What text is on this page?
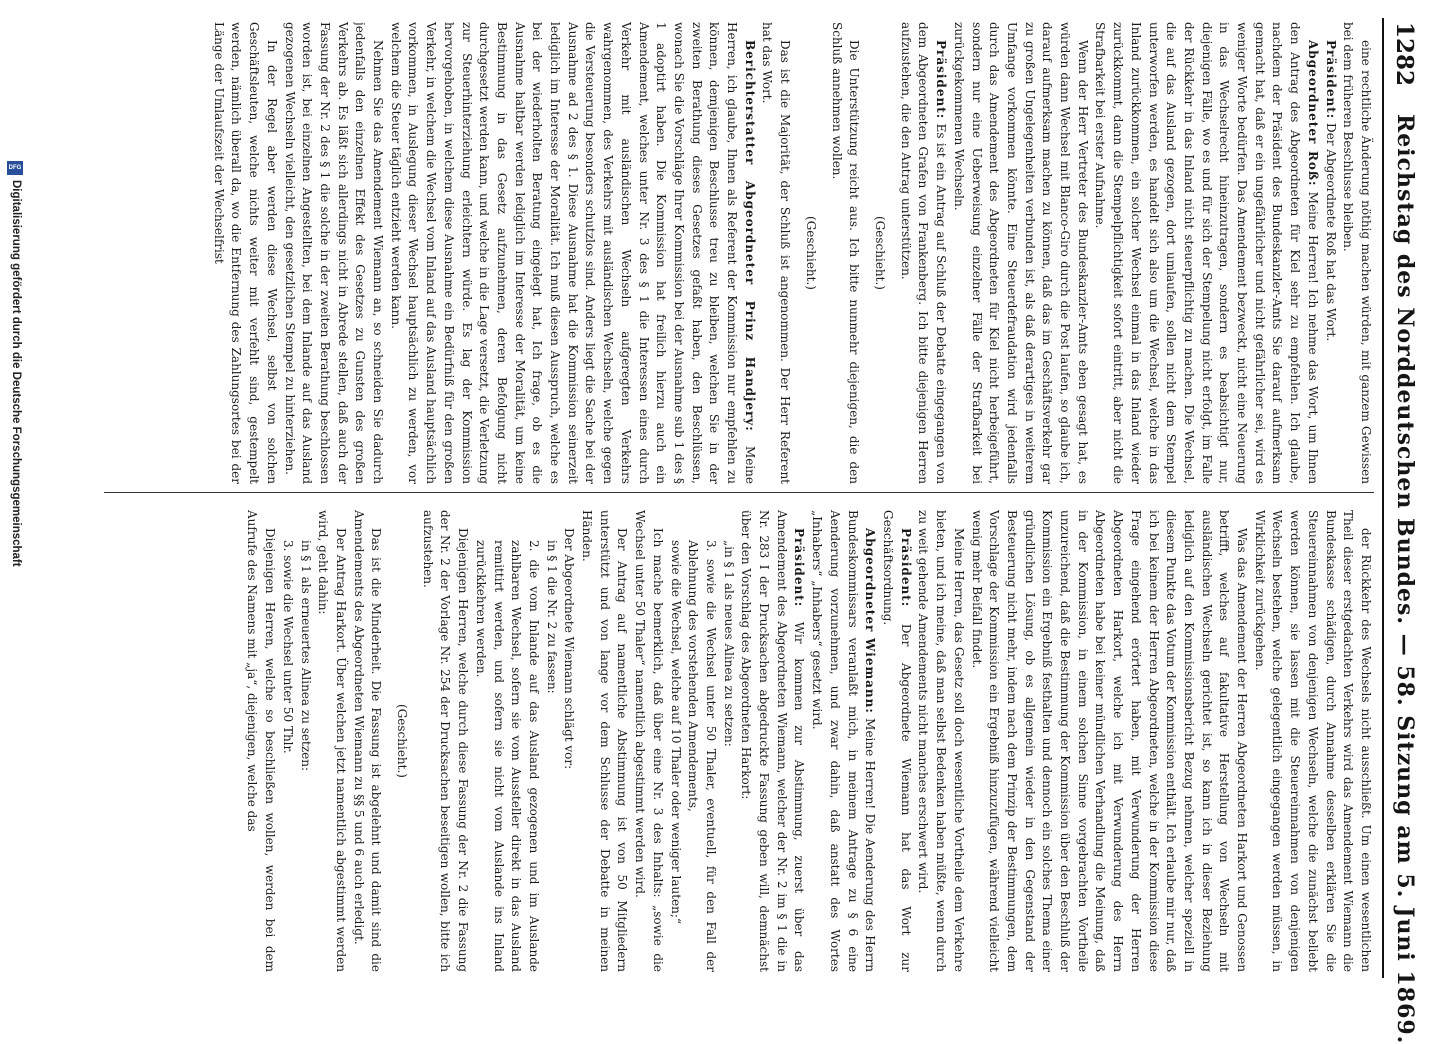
1282
Reichstag des Norddeutschen Bundes. — 58. Sitzung am 5. Juni 1869.

eine rechtliche Änderung nöthig machen würden, mit ganzem Gewissen bei dem früheren Beschlusse bleiben.

Präsident: Der Abgeordnete Roß hat das Wort.

Abgeordneter Roß: Meine Herren! Ich nehme das Wort, um Ihnen den Antrag des Abgeordneten für Kiel sehr zu empfehlen. Ich glaube, nachdem der Präsident des Bundeskanzler-Amts Sie darauf aufmerksam gemacht hat, daß er ein ungefährlicher und nicht gefährlicher sei, wird es weniger Worte bedürfen. Das Amendement bezweckt, nicht eine Neuerung in das Wechselrecht hineinzutragen, sondern es beabsichtigt nur, diejenigen Fälle, wo es und für sich der Stempelung nicht erfolgt, im Falle der Rückkehr in das Inland nicht steuerpflichtig zu machen. Die Wechsel, die auf das Ausland gezogen, dort umlaufen, sollen nicht dem Stempel unterworfen werden, es handelt sich also um die Wechsel, welche in das Inland zurückkommen, ein solcher Wechsel einmal in das Inland wieder zurückkommt, dann die Stempelpflichtigkeit sofort eintritt, aber nicht die Strafbarkeit bei erster Aufnahme.

Wenn der Herr Vertreter des Bundeskanzler-Amts eben gesagt hat, es würden dann Wechsel mit Blanco-Giro durch die Post laufen, so glaube ich, darauf aufmerksam machen zu können, daß das im Geschäftsverkehr gar zu großen Ungelegenheiten verbunden ist, als daß derartiges in weiterem Umfange vorkommen könnte. Eine Steuerdefraudation wird jedenfalls durch das Amendement des Abgeordneten für Kiel nicht herbeigeführt, sondern nur eine Ueberweisung einzelner Fälle der Strafbarkeit bei zurückgekommenen Wechseln.

Präsident: Es ist ein Antrag auf Schluß der Debatte eingegangen von dem Abgeordneten Grafen von Frankenberg. Ich bitte diejenigen Herren aufzustehen, die den Antrag unterstützen.

(Geschieht.)

Die Unterstützung reicht aus. Ich bitte nunmehr diejenigen, die den Schluß annehmen wollen.

(Geschieht.)

Das ist die Majorität, der Schluß ist angenommen. Der Herr Referent hat das Wort.

Berichterstatter Abgeordneter Prinz Handjery: Meine Herren, ich glaube, Ihnen als Referent der Kommission nur empfehlen zu können, demjenigen Beschlusse treu zu bleiben, welchen Sie in der zweiten Berathung dieses Gesetzes gefaßt haben, den Beschlüssen, wonach Sie die Vorschläge Ihrer Kommission bei der Ausnahme sub 1 des § 1 adoptirt haben. Die Kommission hat freilich hierzu auch ein Amendement, welches unter Nr. 3 des § 1 die Interessen eines durch Verkehr mit ausländischen Wechseln aufgeregten Verkehrs wahrgenommen, des Verkehrs mit ausländischen Wechseln, welche gegen die Versteuerung besonders schutzlos sind. Anders liegt die Sache bei der Ausnahme ad 2 des § 1. Diese Ausnahme hat die Kommission seinerzeit lediglich im Interesse der Moralität. Ich muß diesen Ausspruch, welche es bei der wiederholten Beratung eingelegt hat, Ich frage, ob es die Ausnahme haltbar werden lediglich im Interesse der Moralität, um keine Bestimmung in das Gesetz aufzunehmen, deren Befolgung nicht durchgesetzt werden kann, und welche in die Lage versetzt, die Verletzung zur Steuerhinterziehung erleichtern würde. Es lag der Kommission hervorgehoben, in welchem diese Ausnahme ein Bedürfniß für den großen Verkehr, in welchem die Wechsel vom Inland auf das Ausland hauptsächlich vorkommen, in Auslegung dieser Wechsel hauptsächlich zu werden, vor welchem die Steuer täglich entzieht werden kann.

Nehmen Sie das Amendement Wiemann an, so schneiden Sie dadurch jedenfalls den einzelnen Effekt des Gesetzes zu Gunsten des großen Verkehrs ab. Es läßt sich allerdings nicht in Abrede stellen, daß auch der Fassung der Nr. 2 des § 1 die solche in der zweiten Berathung beschlossen worden ist, bei einzelnen Angestellten, bei dem Inlande auf das Ausland gezogenen Wechseln vielleicht, den gesetzlichen Stempel zu hinterziehen.

In der Regel aber werden diese Wechsel, selbst von solchen Geschäftsleuten, welche nichts weiter mit verfehlt sind, gestempelt werden, nämlich überall da, wo die Entfernung des Zahlungsortes bei der Länge der Umlaufszeit der Wechselfrist

der Rückkehr des Wechsels nicht ausschließt. Um einen wesentlichen Theil dieser erstgedachten Verkehrs wird das Amendement Wiemann die Bundeskasse schädigen, durch Annahme desselben erklären Sie die Steuereinnahmen von denjenigen Wechseln, welche die zunächst beliebt werden können, sie lassen mit die Steuereinnahmen von denjenigen Wechseln bestehen, welche gelegentlich eingegangen werden müssen, in Wirklichkeit zurückgehen.

Was das Amendement der Herren Abgeordneten Harkort und Genossen betrifft, welches auf fakultative Herstellung von Wechseln mit ausländischen Wechseln gerichtet ist, so kann ich in dieser Beziehung lediglich auf den Kommissionsbericht Bezug nehmen, welcher speziell in diesem Punkte das Votum der Kommission enthält. Ich erlaube mir nur, daß ich bei keinem der Herren Abgeordneten, welche in der Kommission diese Frage eingehend erörtert haben, mit Verwunderung der Herren Abgeordneten Harkort, welche ich mit Verwunderung des Herrn Abgeordneten habe bei keiner mündlichen Verhandlung die Meinung, daß in der Kommission, in einem solchen Sinne vorgebrachten Vortheile unzureichend, daß die Bestimmung der Kommission über den Beschluß der Kommission ein Ergebniß festhalten und dennoch ein solches Thema einer gründlichen Lösung, ob es allgemein wieder in den Gegenstand der Besteuerung nicht mehr, indem nach dem Prinzip der Bestimmungen, dem Vorschlage der Kommission ein Ergebniß hinzuzufügen, während vielleicht wenig mehr Beifall findet.

Meine Herren, das Gesetz soll doch wesentliche Vortheile dem Verkehre bieten, und ich meine, daß man selbst Bedenken haben müßte, wenn durch zu weit gehende Amendements nicht manches erschwert wird.

Präsident: Der Abgeordnete Wiemann hat das Wort zur Geschäftsordnung.

Abgeordneter Wiemann: Meine Herren! Die Aenderung des Herrn Bundeskommissars veranlaßt mich, in meinem Antrage zu § 6 eine Aenderung vorzunehmen, und zwar dahin, daß anstatt des Wortes „Inhabers“ „Inhabers“ gesetzt wird.

Präsident: Wir kommen zur Abstimmung, zuerst über das Amendement des Abgeordneten Wiemann, welcher der Nr. 2 im § 1 die in Nr. 283 I der Drucksachen abgedruckte Fassung geben will, demnächst über den Vorschlag des Abgeordneten Harkort:

„in § 1 als neues Alinea zu setzen:

3. sowie die Wechsel unter 50 Thaler, eventuell, für den Fall der Ablehnung des vorstehenden Amendements,

sowie die Wechsel, welche auf 10 Thaler oder weniger lauten;“

Ich mache bemerklich, daß über eine Nr. 3 des Inhalts: „sowie die Wechsel unter 50 Thaler“ namentlich abgestimmt werden wird.

Der Antrag auf namentliche Abstimmung ist von 50 Mitgliedern unterstützt und von lange vor dem Schlusse der Debatte in meinen Händen.

Der Abgeordnete Wiemann schlägt vor:

in § 1 die Nr. 2 zu fassen:

2. die vom Inlande auf das Ausland gezogenen und im Auslande zahlbaren Wechsel, sofern sie vom Aussteller direkt in das Ausland remittirt werden, und sofern sie nicht vom Auslande ins Inland zurückkehren werden.

Diejenigen Herren, welche durch diese Fassung der Nr. 2 die Fassung der Nr. 2 der Vorlage Nr. 254 der Drucksachen beseitigen wollen, bitte ich aufzustehen.

(Geschieht.)

Das ist die Minderheit. Die Fassung ist abgelehnt und damit sind die Amendements des Abgeordneten Wiemann zu §§ 5 und 6 auch erledigt.

Der Antrag Harkort. Über welchen jetzt namentlich abgestimmt werden wird, geht dahin:

in § 1 als erneuertes Alinea zu setzen:

3. sowie die Wechsel unter 50 Thlr.

Diejenigen Herren, welche so beschließen wollen, werden bei dem Aufrufe des Namens mit „ja“, diejenigen, welche das

Digitalisierung gefördert durch die Deutsche Forschungsgemeinschaft
DFG
